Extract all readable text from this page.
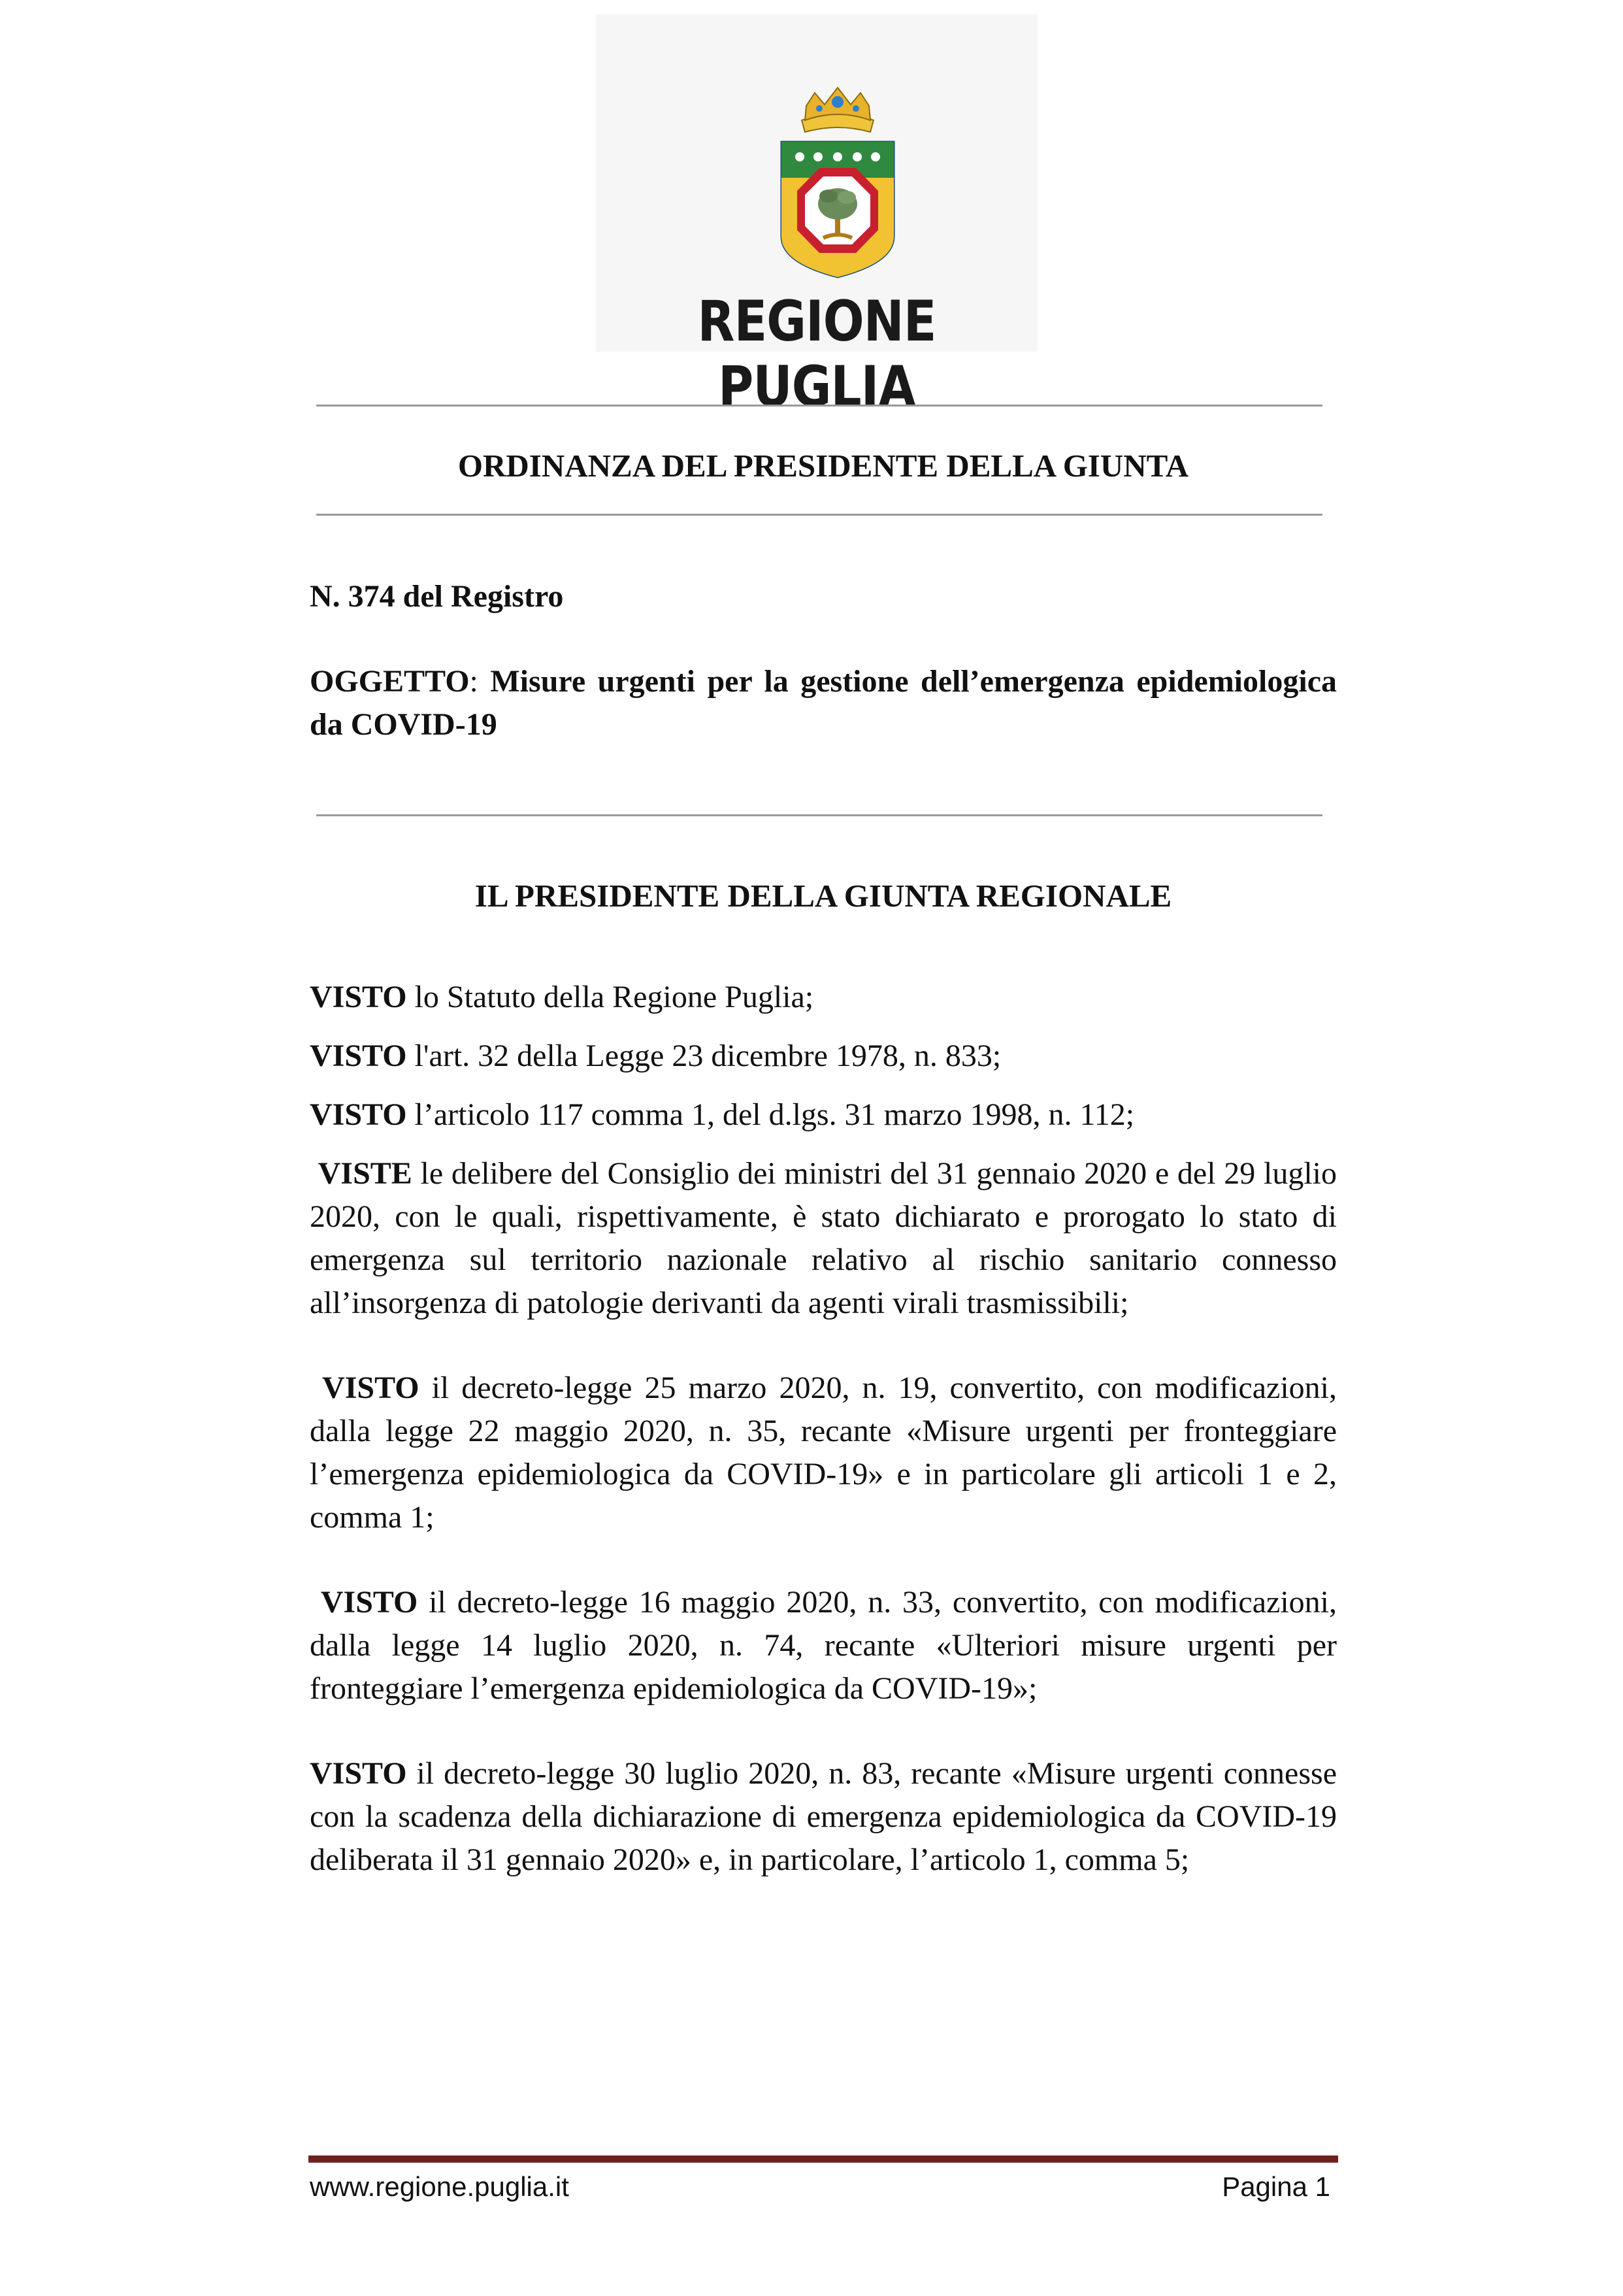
REGIONE PUGLIA
ORDINANZA DEL PRESIDENTE DELLA GIUNTA
N. 374 del Registro
OGGETTO: Misure urgenti per la gestione dell’emergenza epidemiologica da COVID-19
IL PRESIDENTE DELLA GIUNTA REGIONALE
VISTO lo Statuto della Regione Puglia;
VISTO l'art. 32 della Legge 23 dicembre 1978, n. 833;
VISTO l’articolo 117 comma 1, del d.lgs. 31 marzo 1998, n. 112;
VISTE le delibere del Consiglio dei ministri del 31 gennaio 2020 e del 29 luglio 2020, con le quali, rispettivamente, è stato dichiarato e prorogato lo stato di emergenza sul territorio nazionale relativo al rischio sanitario connesso all’insorgenza di patologie derivanti da agenti virali trasmissibili;
VISTO il decreto-legge 25 marzo 2020, n. 19, convertito, con modificazioni, dalla legge 22 maggio 2020, n. 35, recante «Misure urgenti per fronteggiare l’emergenza epidemiologica da COVID-19» e in particolare gli articoli 1 e 2, comma 1;
VISTO il decreto-legge 16 maggio 2020, n. 33, convertito, con modificazioni, dalla legge 14 luglio 2020, n. 74, recante «Ulteriori misure urgenti per fronteggiare l’emergenza epidemiologica da COVID-19»;
VISTO il decreto-legge 30 luglio 2020, n. 83, recante «Misure urgenti connesse con la scadenza della dichiarazione di emergenza epidemiologica da COVID-19 deliberata il 31 gennaio 2020» e, in particolare, l’articolo 1, comma 5;
www.regione.puglia.it	Pagina 1
